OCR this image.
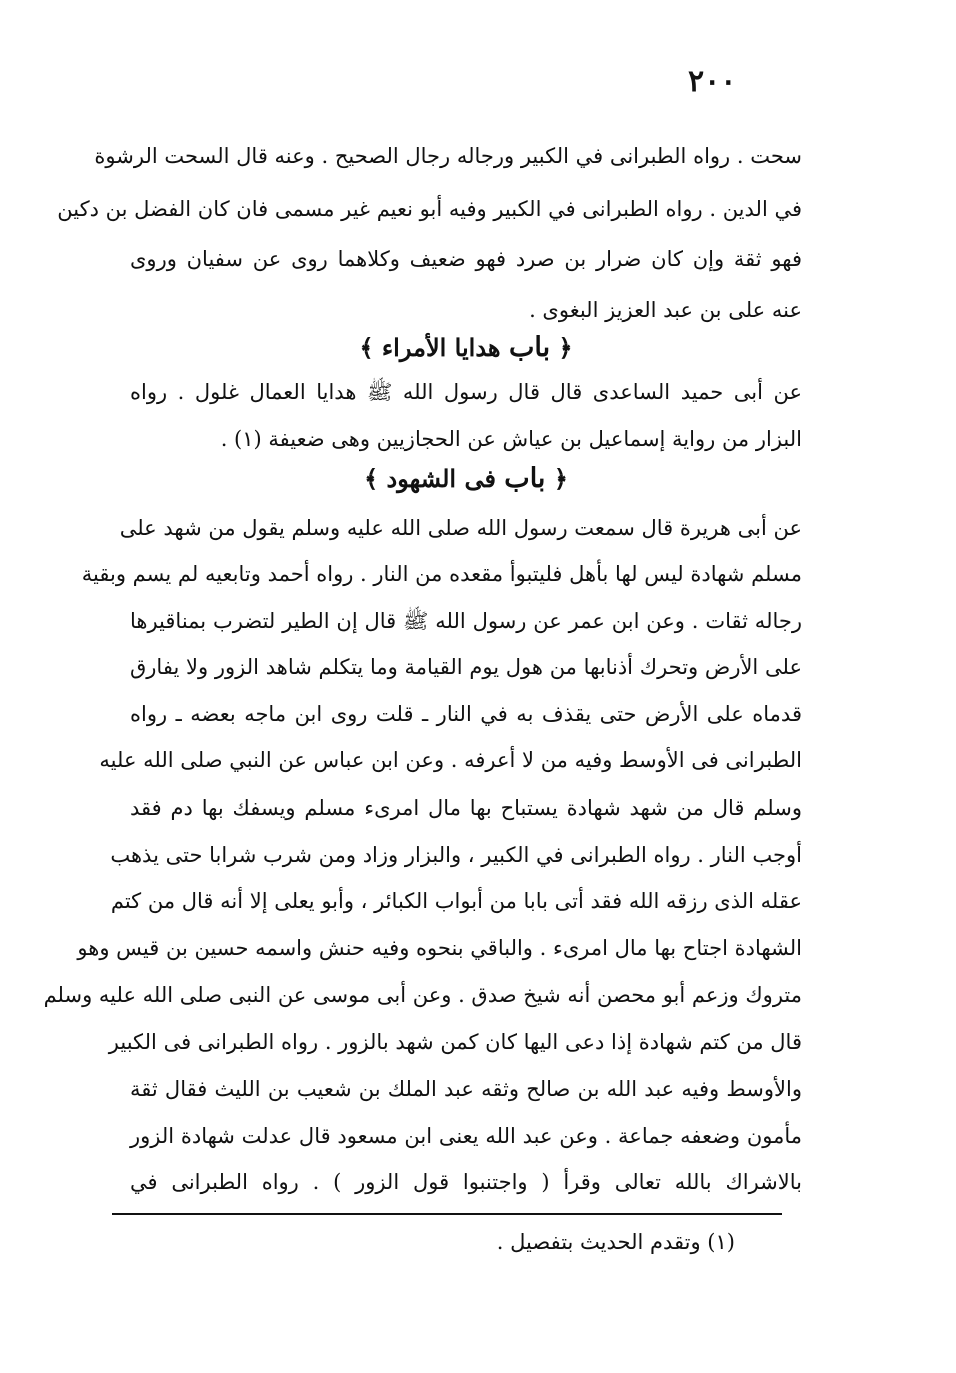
٢٠٠
سحت . رواه الطبرانى في الكبير ورجاله رجال الصحيح . وعنه قال السحت الرشوة
في الدين . رواه الطبرانى في الكبير وفيه أبو نعيم غير مسمى فان كان الفضل بن دكين
فهو ثقة وإن كان ضرار بن صرد فهو ضعيف وكلاهما روى عن سفيان وروى
عنه على بن عبد العزيز البغوى .
﴿ باب هدايا الأمراء ﴾
عن أبى حميد الساعدى قال قال رسول الله ﷺ هدايا العمال غلول . رواه
البزار من رواية إسماعيل بن عياش عن الحجازيين وهى ضعيفة (١) .
﴿ باب فى الشهود ﴾
عن أبى هريرة قال سمعت رسول الله صلى الله عليه وسلم يقول من شهد على
مسلم شهادة ليس لها بأهل فليتبوأ مقعده من النار . رواه أحمد وتابعيه لم يسم وبقية
رجاله ثقات . وعن ابن عمر عن رسول الله ﷺ قال إن الطير لتضرب بمناقيرها
على الأرض وتحرك أذنابها من هول يوم القيامة وما يتكلم شاهد الزور ولا يفارق
قدماه على الأرض حتى يقذف به في النار ـ قلت روى ابن ماجه بعضه ـ رواه
الطبرانى فى الأوسط وفيه من لا أعرفه . وعن ابن عباس عن النبي صلى الله عليه
وسلم قال من شهد شهادة يستباح بها مال امرىء مسلم ويسفك بها دم فقد
أوجب النار . رواه الطبرانى في الكبير ، والبزار وزاد ومن شرب شرابا حتى يذهب
عقله الذى رزقه الله فقد أتى بابا من أبواب الكبائر ، وأبو يعلى إلا أنه قال من كتم
الشهادة اجتاح بها مال امرىء . والباقي بنحوه وفيه حنش واسمه حسين بن قيس وهو
متروك وزعم أبو محصن أنه شيخ صدق . وعن أبى موسى عن النبى صلى الله عليه وسلم
قال من كتم شهادة إذا دعى اليها كان كمن شهد بالزور . رواه الطبرانى فى الكبير
والأوسط وفيه عبد الله بن صالح وثقه عبد الملك بن شعيب بن الليث فقال ثقة
مأمون وضعفه جماعة . وعن عبد الله يعنى ابن مسعود قال عدلت شهادة الزور
بالاشراك بالله تعالى وقرأ ( واجتنبوا قول الزور ) . رواه الطبرانى في
(١) وتقدم الحديث بتفصيل .
